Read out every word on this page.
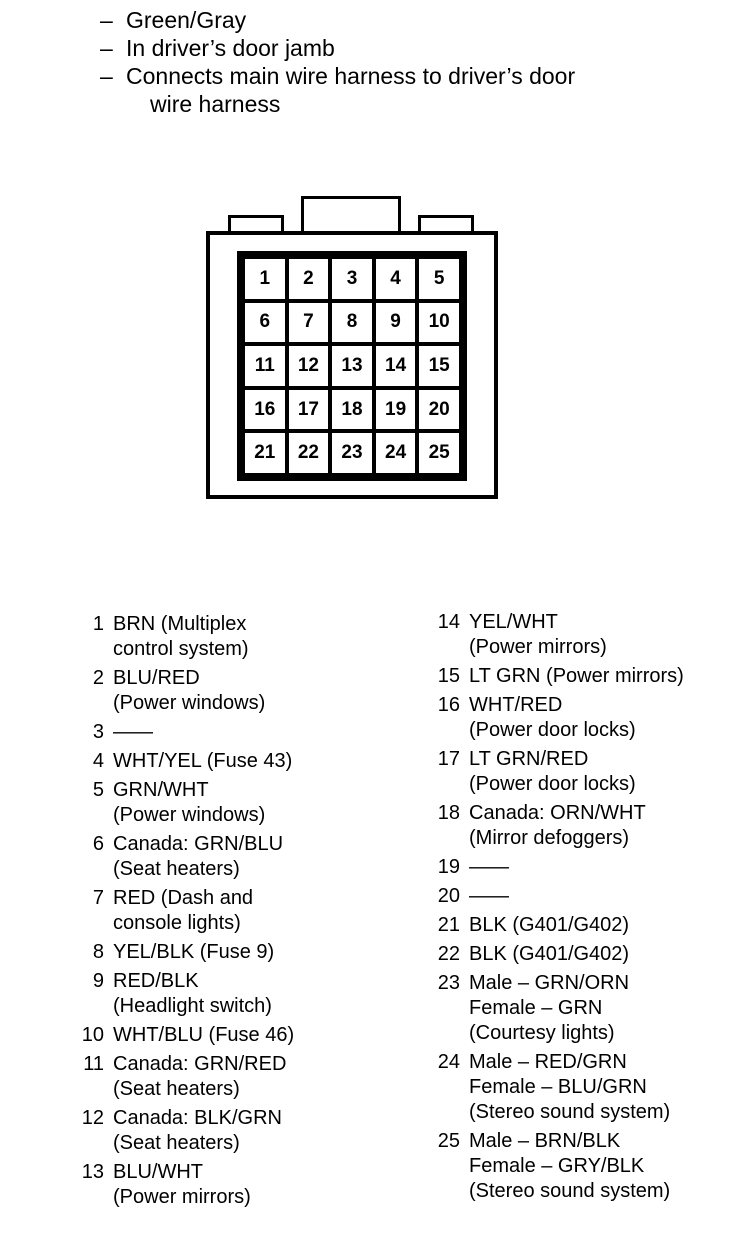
– Green/Gray
– In driver’s door jamb
– Connects main wire harness to driver’s door
wire harness
1	2	3	4	5
6	7	8	9	10
11	12	13	14	15
16	17	18	19	20
21	22	23	24	25
1 BRN (Multiplex
control system)
2 BLU/RED
(Power windows)
3 ——
4 WHT/YEL (Fuse 43)
5 GRN/WHT
(Power windows)
6 Canada: GRN/BLU
(Seat heaters)
7 RED (Dash and
console lights)
8 YEL/BLK (Fuse 9)
9 RED/BLK
(Headlight switch)
10 WHT/BLU (Fuse 46)
11 Canada: GRN/RED
(Seat heaters)
12 Canada: BLK/GRN
(Seat heaters)
13 BLU/WHT
(Power mirrors)
14 YEL/WHT
(Power mirrors)
15 LT GRN (Power mirrors)
16 WHT/RED
(Power door locks)
17 LT GRN/RED
(Power door locks)
18 Canada: ORN/WHT
(Mirror defoggers)
19 ——
20 ——
21 BLK (G401/G402)
22 BLK (G401/G402)
23 Male – GRN/ORN
Female – GRN
(Courtesy lights)
24 Male – RED/GRN
Female – BLU/GRN
(Stereo sound system)
25 Male – BRN/BLK
Female – GRY/BLK
(Stereo sound system)
